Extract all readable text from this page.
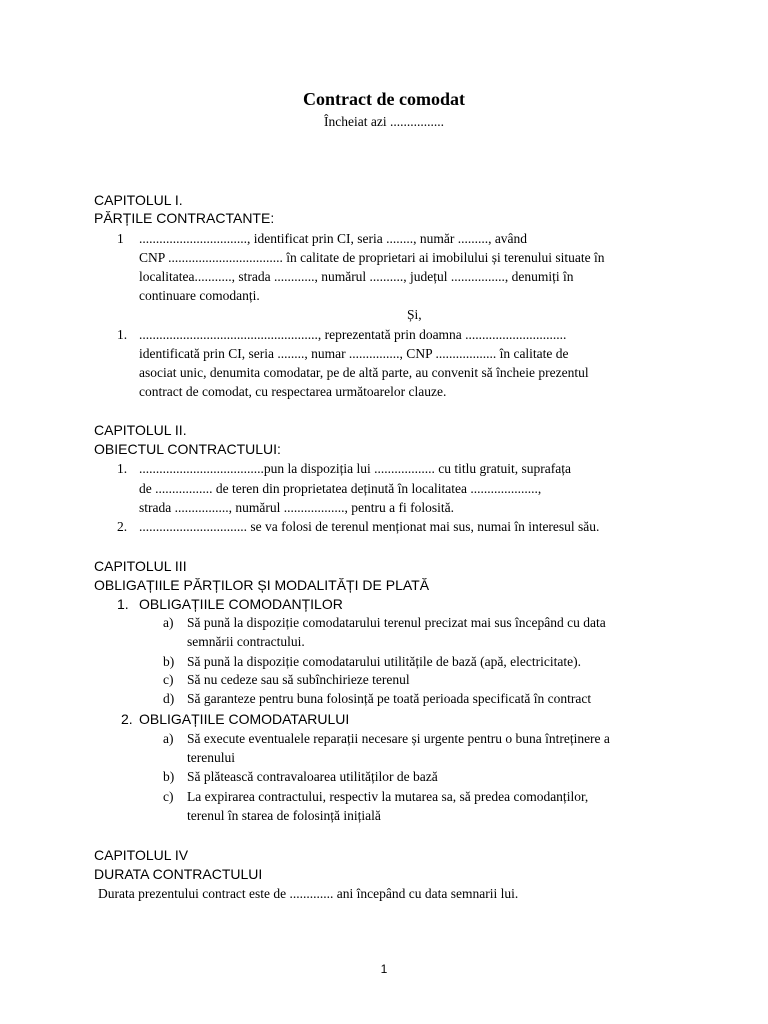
Contract de comodat
Încheiat azi ................
CAPITOLUL I.
PĂRȚILE CONTRACTANTE:
1 ................................, identificat prin CI, seria ........, număr ........., având
CNP .................................. în calitate de proprietari ai imobilului și terenului situate în
localitatea..........., strada ............, numărul .........., județul ................, denumiți în
continuare comodanți.
Și,
1. ....................................................., reprezentată prin doamna ..............................
identificată prin CI, seria ........, numar ..............., CNP .................. în calitate de
asociat unic, denumita comodatar, pe de altă parte, au convenit să încheie prezentul
contract de comodat, cu respectarea următoarelor clauze.
CAPITOLUL II.
OBIECTUL CONTRACTULUI:
1. .....................................pun la dispoziția lui .................. cu titlu gratuit, suprafața
de ................. de teren din proprietatea deținută în localitatea ....................,
strada ................, numărul .................., pentru a fi folosită.
2. ................................ se va folosi de terenul menționat mai sus, numai în interesul său.
CAPITOLUL III
OBLIGAȚIILE PĂRȚILOR ȘI MODALITĂȚI DE PLATĂ
1. OBLIGAȚIILE COMODANȚILOR
a) Să pună la dispoziție comodatarului terenul precizat mai sus începând cu data
semnării contractului.
b) Să pună la dispoziție comodatarului utilitățile de bază (apă, electricitate).
c) Să nu cedeze sau să subînchirieze terenul
d) Să garanteze pentru buna folosință pe toată perioada specificată în contract
2. OBLIGAȚIILE COMODATARULUI
a) Să execute eventualele reparații necesare și urgente pentru o buna întreținere a
terenului
b) Să plătească contravaloarea utilităților de bază
c) La expirarea contractului, respectiv la mutarea sa, să predea comodanților,
terenul în starea de folosință inițială
CAPITOLUL IV
DURATA CONTRACTULUI
Durata prezentului contract este de ............. ani începând cu data semnarii lui.
1
